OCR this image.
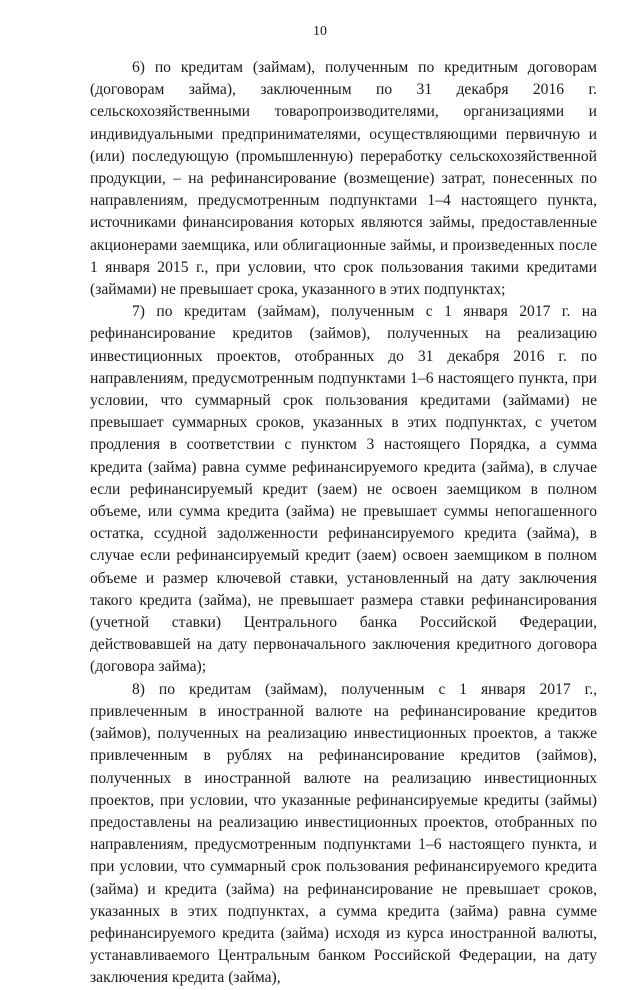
10

6) по кредитам (займам), полученным по кредитным договорам (договорам займа), заключенным по 31 декабря 2016 г. сельскохозяйственными товаропроизводителями, организациями и индивидуальными предпринимателями, осуществляющими первичную и (или) последующую (промышленную) переработку сельскохозяйственной продукции, – на рефинансирование (возмещение) затрат, понесенных по направлениям, предусмотренным подпунктами 1–4 настоящего пункта, источниками финансирования которых являются займы, предоставленные акционерами заемщика, или облигационные займы, и произведенных после 1 января 2015 г., при условии, что срок пользования такими кредитами (займами) не превышает срока, указанного в этих подпунктах;

7) по кредитам (займам), полученным с 1 января 2017 г. на рефинансирование кредитов (займов), полученных на реализацию инвестиционных проектов, отобранных до 31 декабря 2016 г. по направлениям, предусмотренным подпунктами 1–6 настоящего пункта, при условии, что суммарный срок пользования кредитами (займами) не превышает суммарных сроков, указанных в этих подпунктах, с учетом продления в соответствии с пунктом 3 настоящего Порядка, а сумма кредита (займа) равна сумме рефинансируемого кредита (займа), в случае если рефинансируемый кредит (заем) не освоен заемщиком в полном объеме, или сумма кредита (займа) не превышает суммы непогашенного остатка, ссудной задолженности рефинансируемого кредита (займа), в случае если рефинансируемый кредит (заем) освоен заемщиком в полном объеме и размер ключевой ставки, установленный на дату заключения такого кредита (займа), не превышает размера ставки рефинансирования (учетной ставки) Центрального банка Российской Федерации, действовавшей на дату первоначального заключения кредитного договора (договора займа);

8) по кредитам (займам), полученным с 1 января 2017 г., привлеченным в иностранной валюте на рефинансирование кредитов (займов), полученных на реализацию инвестиционных проектов, а также привлеченным в рублях на рефинансирование кредитов (займов), полученных в иностранной валюте на реализацию инвестиционных проектов, при условии, что указанные рефинансируемые кредиты (займы) предоставлены на реализацию инвестиционных проектов, отобранных по направлениям, предусмотренным подпунктами 1–6 настоящего пункта, и при условии, что суммарный срок пользования рефинансируемого кредита (займа) и кредита (займа) на рефинансирование не превышает сроков, указанных в этих подпунктах, а сумма кредита (займа) равна сумме рефинансируемого кредита (займа) исходя из курса иностранной валюты, устанавливаемого Центральным банком Российской Федерации, на дату заключения кредита (займа),
